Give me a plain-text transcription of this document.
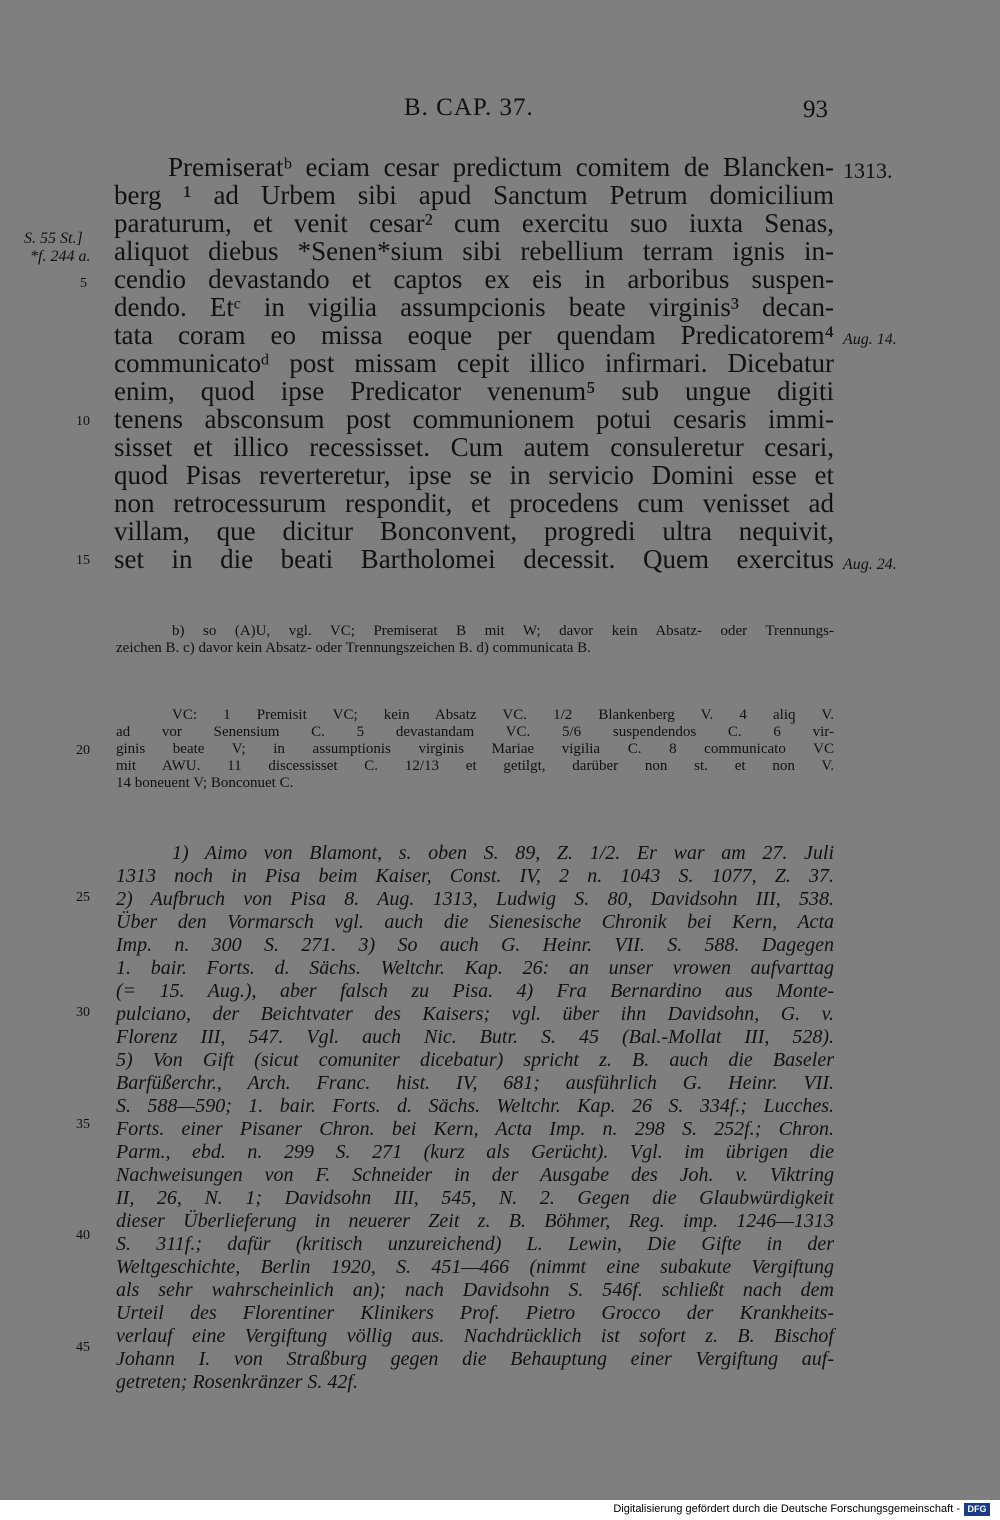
B. CAP. 37.	93
1313.
S. 55 St.]
*f. 244 a.
Aug. 14.
Aug. 24.
5
10
15
20
25
30
35
40
45
Premiseratᵇ eciam cesar predictum comitem de Blancken-
berg ¹ ad Urbem sibi apud Sanctum Petrum domicilium
paraturum, et venit cesar² cum exercitu suo iuxta Senas,
aliquot diebus *Senen*sium sibi rebellium terram ignis in-
cendio devastando et captos ex eis in arboribus suspen-
dendo. Etᶜ in vigilia assumpcionis beate virginis³ decan-
tata coram eo missa eoque per quendam Predicatorem⁴
communicatoᵈ post missam cepit illico infirmari. Dicebatur
enim, quod ipse Predicator venenum⁵ sub ungue digiti
tenens absconsum post communionem potui cesaris immi-
sisset et illico recessisset. Cum autem consuleretur cesari,
quod Pisas reverteretur, ipse se in servicio Domini esse et
non retrocessurum respondit, et procedens cum venisset ad
villam, que dicitur Bonconvent, progredi ultra nequivit,
set in die beati Bartholomei decessit. Quem exercitus
b) so (A)U, vgl. VC; Premiserat B mit W; davor kein Absatz- oder Trennungs-
zeichen B. c) davor kein Absatz- oder Trennungszeichen B. d) communicata B.
VC: 1 Premisit VC; kein Absatz VC. 1/2 Blankenberg V. 4 aliq̱ V.
ad vor Senensium C. 5 devastandam VC. 5/6 suspendendos C. 6 vir-
ginis beate V; in assumptionis virginis Mariae vigilia C. 8 communicato VC
mit AWU. 11 discessisset C. 12/13 et getilgt, darüber non st. et non V.
14 boneuent V; Bonconuet C.
1) Aimo von Blamont, s. oben S. 89, Z. 1/2. Er war am 27. Juli
1313 noch in Pisa beim Kaiser, Const. IV, 2 n. 1043 S. 1077, Z. 37.
2) Aufbruch von Pisa 8. Aug. 1313, Ludwig S. 80, Davidsohn III, 538.
Über den Vormarsch vgl. auch die Sienesische Chronik bei Kern, Acta
Imp. n. 300 S. 271. 3) So auch G. Heinr. VII. S. 588. Dagegen
1. bair. Forts. d. Sächs. Weltchr. Kap. 26: an unser vrowen aufvarttag
(= 15. Aug.), aber falsch zu Pisa. 4) Fra Bernardino aus Monte-
pulciano, der Beichtvater des Kaisers; vgl. über ihn Davidsohn, G. v.
Florenz III, 547. Vgl. auch Nic. Butr. S. 45 (Bal.-Mollat III, 528).
5) Von Gift (sicut comuniter dicebatur) spricht z. B. auch die Baseler
Barfüßerchr., Arch. Franc. hist. IV, 681; ausführlich G. Heinr. VII.
S. 588—590; 1. bair. Forts. d. Sächs. Weltchr. Kap. 26 S. 334f.; Lucches.
Forts. einer Pisaner Chron. bei Kern, Acta Imp. n. 298 S. 252f.; Chron.
Parm., ebd. n. 299 S. 271 (kurz als Gerücht). Vgl. im übrigen die
Nachweisungen von F. Schneider in der Ausgabe des Joh. v. Viktring
II, 26, N. 1; Davidsohn III, 545, N. 2. Gegen die Glaubwürdigkeit
dieser Überlieferung in neuerer Zeit z. B. Böhmer, Reg. imp. 1246—1313
S. 311f.; dafür (kritisch unzureichend) L. Lewin, Die Gifte in der
Weltgeschichte, Berlin 1920, S. 451—466 (nimmt eine subakute Vergiftung
als sehr wahrscheinlich an); nach Davidsohn S. 546f. schließt nach dem
Urteil des Florentiner Klinikers Prof. Pietro Grocco der Krankheits-
verlauf eine Vergiftung völlig aus. Nachdrücklich ist sofort z. B. Bischof
Johann I. von Straßburg gegen die Behauptung einer Vergiftung auf-
getreten; Rosenkränzer S. 42f.
Digitalisierung gefördert durch die Deutsche Forschungsgemeinschaft - DFG
